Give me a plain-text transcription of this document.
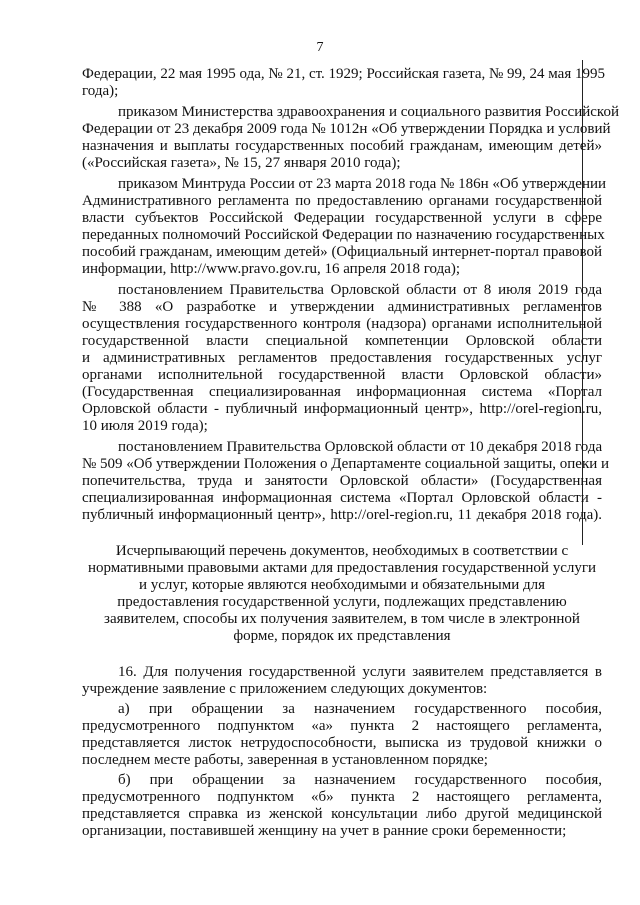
7
Федерации, 22 мая 1995 ода, № 21, ст. 1929; Российская газета, № 99, 24 мая 1995
года);
приказом Министерства здравоохранения и социального развития Российской
Федерации от 23 декабря 2009 года № 1012н «Об утверждении Порядка и условий
назначения и выплаты государственных пособий гражданам, имеющим детей»
(«Российская газета», № 15, 27 января 2010 года);
приказом Минтруда России от 23 марта 2018 года № 186н «Об утверждении
Административного регламента по предоставлению органами государственной
власти субъектов Российской Федерации государственной услуги в сфере
переданных полномочий Российской Федерации по назначению государственных
пособий гражданам, имеющим детей» (Официальный интернет-портал правовой
информации, http://www.pravo.gov.ru, 16 апреля 2018 года);
постановлением Правительства Орловской области от 8 июля 2019 года
№ 388 «О разработке и утверждении административных регламентов
осуществления государственного контроля (надзора) органами исполнительной
государственной власти специальной компетенции Орловской области
и административных регламентов предоставления государственных услуг
органами исполнительной государственной власти Орловской области»
(Государственная специализированная информационная система «Портал
Орловской области - публичный информационный центр», http://orel-region.ru,
10 июля 2019 года);
постановлением Правительства Орловской области от 10 декабря 2018 года
№ 509 «Об утверждении Положения о Департаменте социальной защиты, опеки и
попечительства, труда и занятости Орловской области» (Государственная
специализированная информационная система «Портал Орловской области -
публичный информационный центр», http://orel-region.ru, 11 декабря 2018 года).
Исчерпывающий перечень документов, необходимых в соответствии с
нормативными правовыми актами для предоставления государственной услуги
и услуг, которые являются необходимыми и обязательными для
предоставления государственной услуги, подлежащих представлению
заявителем, способы их получения заявителем, в том числе в электронной
форме, порядок их представления
16. Для получения государственной услуги заявителем представляется в
учреждение заявление с приложением следующих документов:
а) при обращении за назначением государственного пособия,
предусмотренного подпунктом «а» пункта 2 настоящего регламента,
представляется листок нетрудоспособности, выписка из трудовой книжки о
последнем месте работы, заверенная в установленном порядке;
б) при обращении за назначением государственного пособия,
предусмотренного подпунктом «б» пункта 2 настоящего регламента,
представляется справка из женской консультации либо другой медицинской
организации, поставившей женщину на учет в ранние сроки беременности;
